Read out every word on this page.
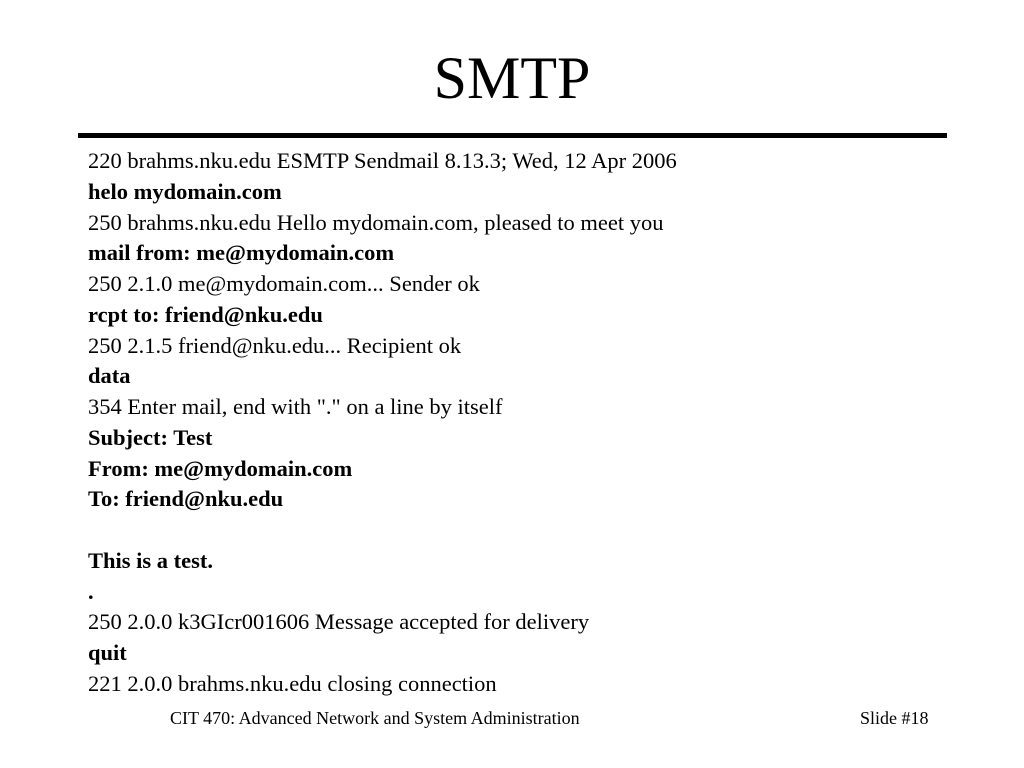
SMTP
220 brahms.nku.edu ESMTP Sendmail 8.13.3; Wed, 12 Apr 2006
helo mydomain.com
250 brahms.nku.edu Hello mydomain.com, pleased to meet you
mail from: me@mydomain.com
250 2.1.0 me@mydomain.com... Sender ok
rcpt to: friend@nku.edu
250 2.1.5 friend@nku.edu... Recipient ok
data
354 Enter mail, end with "." on a line by itself
Subject: Test
From: me@mydomain.com
To: friend@nku.edu
This is a test.
.
250 2.0.0 k3GIcr001606 Message accepted for delivery
quit
221 2.0.0 brahms.nku.edu closing connection
CIT 470: Advanced Network and System Administration	Slide #18
